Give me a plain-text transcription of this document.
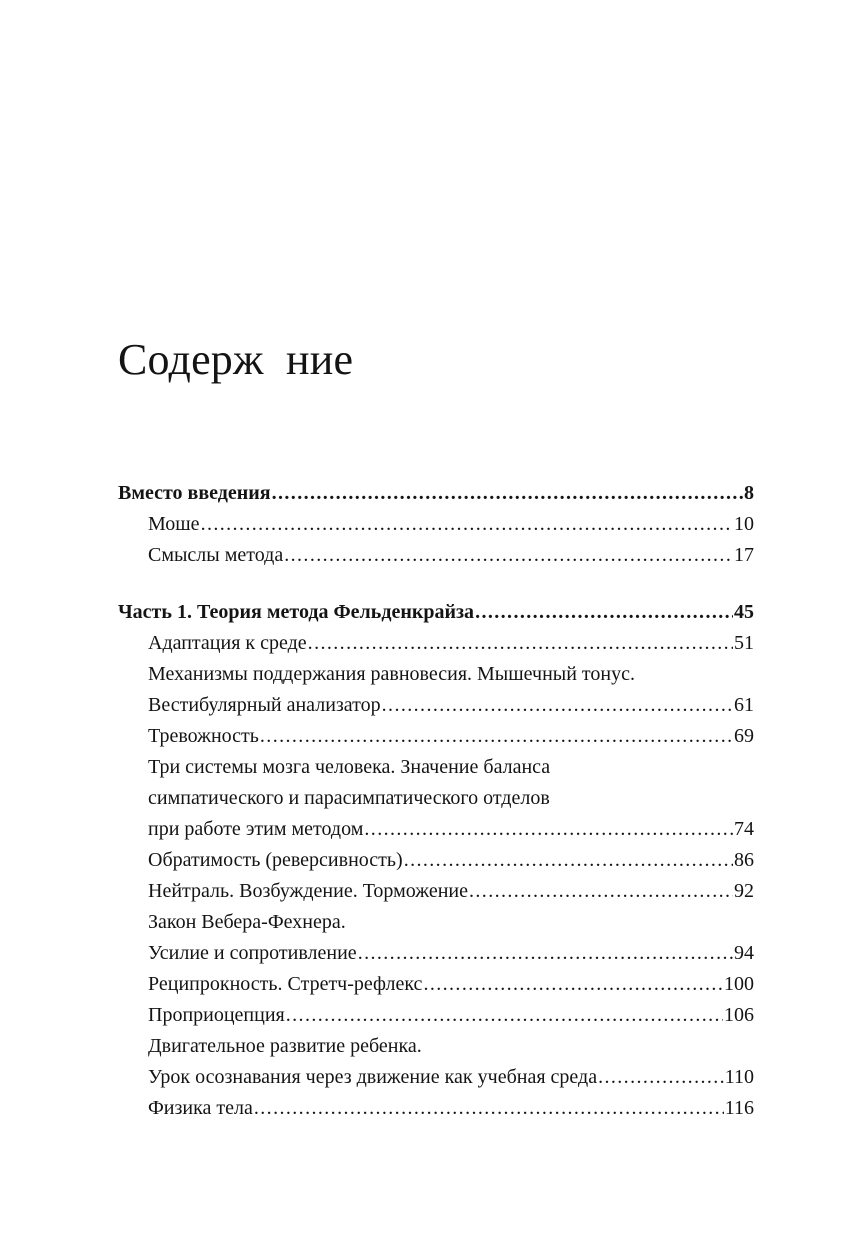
Содерж  ние
Вместо введения .....	8
Моше .....	10
Смыслы метода .....	17
Часть 1. Теория метода Фельденкрайза .....	45
Адаптация к среде .....	51
Механизмы поддержания равновесия. Мышечный тонус.
Вестибулярный анализатор .....	61
Тревожность .....	69
Три системы мозга человека. Значение баланса
симпатического и парасимпатического отделов
при работе этим методом .....	74
Обратимость (реверсивность) .....	86
Нейтраль. Возбуждение. Торможение .....	92
Закон Вебера-Фехнера.
Усилие и сопротивление .....	94
Реципрокность. Стретч-рефлекс .....	100
Проприоцепция .....	106
Двигательное развитие ребенка.
Урок осознавания через движение как учебная среда .....	110
Физика тела .....	116
